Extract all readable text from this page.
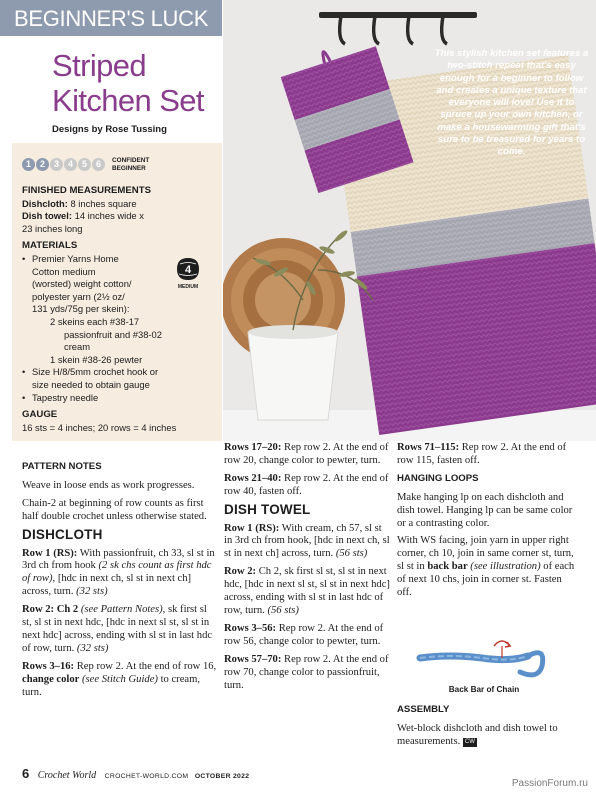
BEGINNER'S LUCK
Striped
Kitchen Set
Designs by Rose Tussing
1 2 3 4 5 6	CONFIDENT
BEGINNER
FINISHED MEASUREMENTS
Dishcloth: 8 inches square
Dish towel: 14 inches wide x
23 inches long
MATERIALS
• Premier Yarns Home
Cotton medium
(worsted) weight cotton/
polyester yarn (2½ oz/
131 yds/75g per skein):
2 skeins each #38-17
passionfruit and #38-02
cream
1 skein #38-26 pewter
• Size H/8/5mm crochet hook or
size needed to obtain gauge
• Tapestry needle
GAUGE
16 sts = 4 inches; 20 rows = 4 inches
4
MEDIUM
This stylish kitchen set features a two-stitch repeat that's easy enough for a beginner to follow and creates a unique texture that everyone will love! Use it to spruce up your own kitchen, or make a housewarming gift that's sure to be treasured for years to come.
PATTERN NOTES

Weave in loose ends as work progresses.

Chain-2 at beginning of row counts as first half double crochet unless otherwise stated.

DISHCLOTH

Row 1 (RS): With passionfruit, ch 33, sl st in 3rd ch from hook (2 sk chs count as first hdc of row), [hdc in next ch, sl st in next ch] across, turn. (32 sts)

Row 2: Ch 2 (see Pattern Notes), sk first sl st, sl st in next hdc, [hdc in next sl st, sl st in next hdc] across, ending with sl st in last hdc of row, turn. (32 sts)

Rows 3–16: Rep row 2. At the end of row 16, change color (see Stitch Guide) to cream, turn.

Rows 17–20: Rep row 2. At the end of row 20, change color to pewter, turn.

Rows 21–40: Rep row 2. At the end of row 40, fasten off.

DISH TOWEL

Row 1 (RS): With cream, ch 57, sl st in 3rd ch from hook, [hdc in next ch, sl st in next ch] across, turn. (56 sts)

Row 2: Ch 2, sk first sl st, sl st in next hdc, [hdc in next sl st, sl st in next hdc] across, ending with sl st in last hdc of row, turn. (56 sts)

Rows 3–56: Rep row 2. At the end of row 56, change color to pewter, turn.

Rows 57–70: Rep row 2. At the end of row 70, change color to passionfruit, turn.

Rows 71–115: Rep row 2. At the end of row 115, fasten off.

HANGING LOOPS

Make hanging lp on each dishcloth and dish towel. Hanging lp can be same color or a contrasting color.

With WS facing, join yarn in upper right corner, ch 10, join in same corner st, turn, sl st in back bar (see illustration) of each of next 10 chs, join in corner st. Fasten off.

Back Bar of Chain
ASSEMBLY

Wet-block dishcloth and dish towel to measurements. CW

6 Crochet World CROCHET-WORLD.COM OCTOBER 2022
PassionForum.ru
